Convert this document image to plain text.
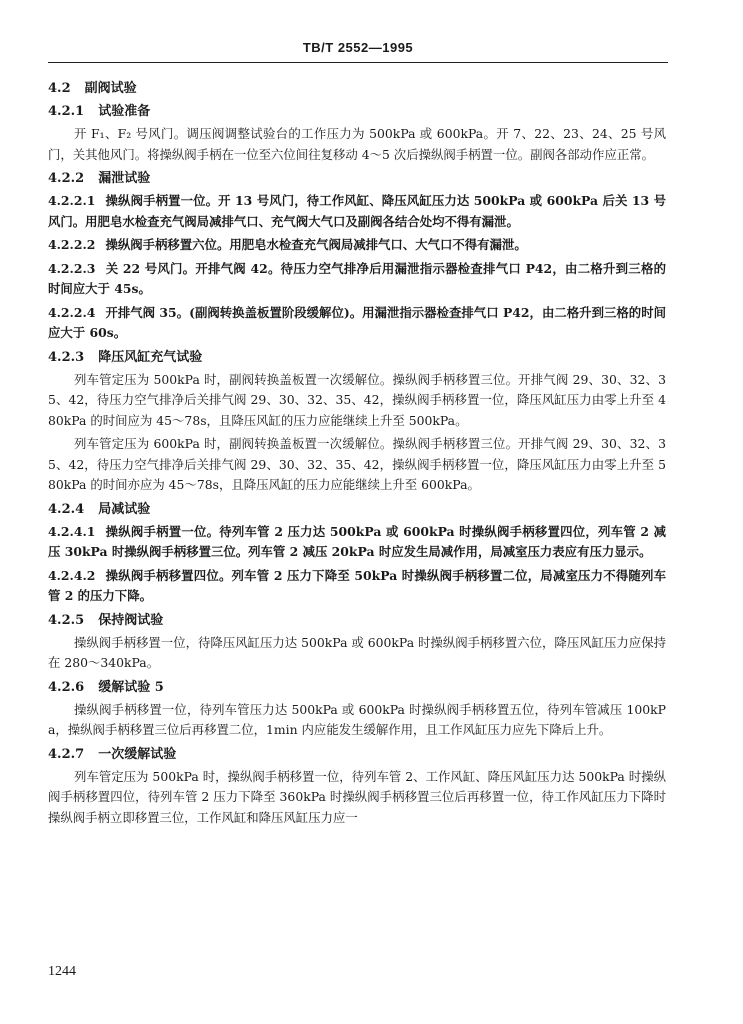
TB/T 2552—1995
4.2 副阀试验
4.2.1 试验准备

开 F₁、F₂ 号风门。调压阀调整试验台的工作压力为 500kPa 或 600kPa。开 7、22、23、24、25 号风门，关其他风门。将操纵阀手柄在一位至六位间往复移动 4～5 次后操纵阀手柄置一位。副阀各部动作应正常。

4.2.2 漏泄试验

4.2.2.1 操纵阀手柄置一位。开 13 号风门，待工作风缸、降压风缸压力达 500kPa 或 600kPa 后关 13 号风门。用肥皂水检查充气阀局减排气口、充气阀大气口及副阀各结合处均不得有漏泄。

4.2.2.2 操纵阀手柄移置六位。用肥皂水检查充气阀局减排气口、大气口不得有漏泄。

4.2.2.3 关 22 号风门。开排气阀 42。待压力空气排净后用漏泄指示器检查排气口 P42，由二格升到三格的时间应大于 45s。

4.2.2.4 开排气阀 35。(副阀转换盖板置阶段缓解位)。用漏泄指示器检查排气口 P42，由二格升到三格的时间应大于 60s。

4.2.3 降压风缸充气试验

列车管定压为 500kPa 时，副阀转换盖板置一次缓解位。操纵阀手柄移置三位。开排气阀 29、30、32、35、42，待压力空气排净后关排气阀 29、30、32、35、42，操纵阀手柄移置一位，降压风缸压力由零上升至 480kPa 的时间应为 45～78s，且降压风缸的压力应能继续上升至 500kPa。

列车管定压为 600kPa 时，副阀转换盖板置一次缓解位。操纵阀手柄移置三位。开排气阀 29、30、32、35、42，待压力空气排净后关排气阀 29、30、32、35、42，操纵阀手柄移置一位，降压风缸压力由零上升至 580kPa 的时间亦应为 45～78s，且降压风缸的压力应能继续上升至 600kPa。

4.2.4 局减试验

4.2.4.1 操纵阀手柄置一位。待列车管 2 压力达 500kPa 或 600kPa 时操纵阀手柄移置四位，列车管 2 减压 30kPa 时操纵阀手柄移置三位。列车管 2 减压 20kPa 时应发生局减作用，局减室压力表应有压力显示。

4.2.4.2 操纵阀手柄移置四位。列车管 2 压力下降至 50kPa 时操纵阀手柄移置二位，局减室压力不得随列车管 2 的压力下降。

4.2.5 保持阀试验

操纵阀手柄移置一位，待降压风缸压力达 500kPa 或 600kPa 时操纵阀手柄移置六位，降压风缸压力应保持在 280～340kPa。

4.2.6 缓解试验 5

操纵阀手柄移置一位，待列车管压力达 500kPa 或 600kPa 时操纵阀手柄移置五位，待列车管减压 100kPa，操纵阀手柄移置三位后再移置二位，1min 内应能发生缓解作用，且工作风缸压力应先下降后上升。

4.2.7 一次缓解试验

列车管定压为 500kPa 时，操纵阀手柄移置一位，待列车管 2、工作风缸、降压风缸压力达 500kPa 时操纵阀手柄移置四位，待列车管 2 压力下降至 360kPa 时操纵阀手柄移置三位后再移置一位，待工作风缸压力下降时操纵阀手柄立即移置三位，工作风缸和降压风缸压力应一

1244
